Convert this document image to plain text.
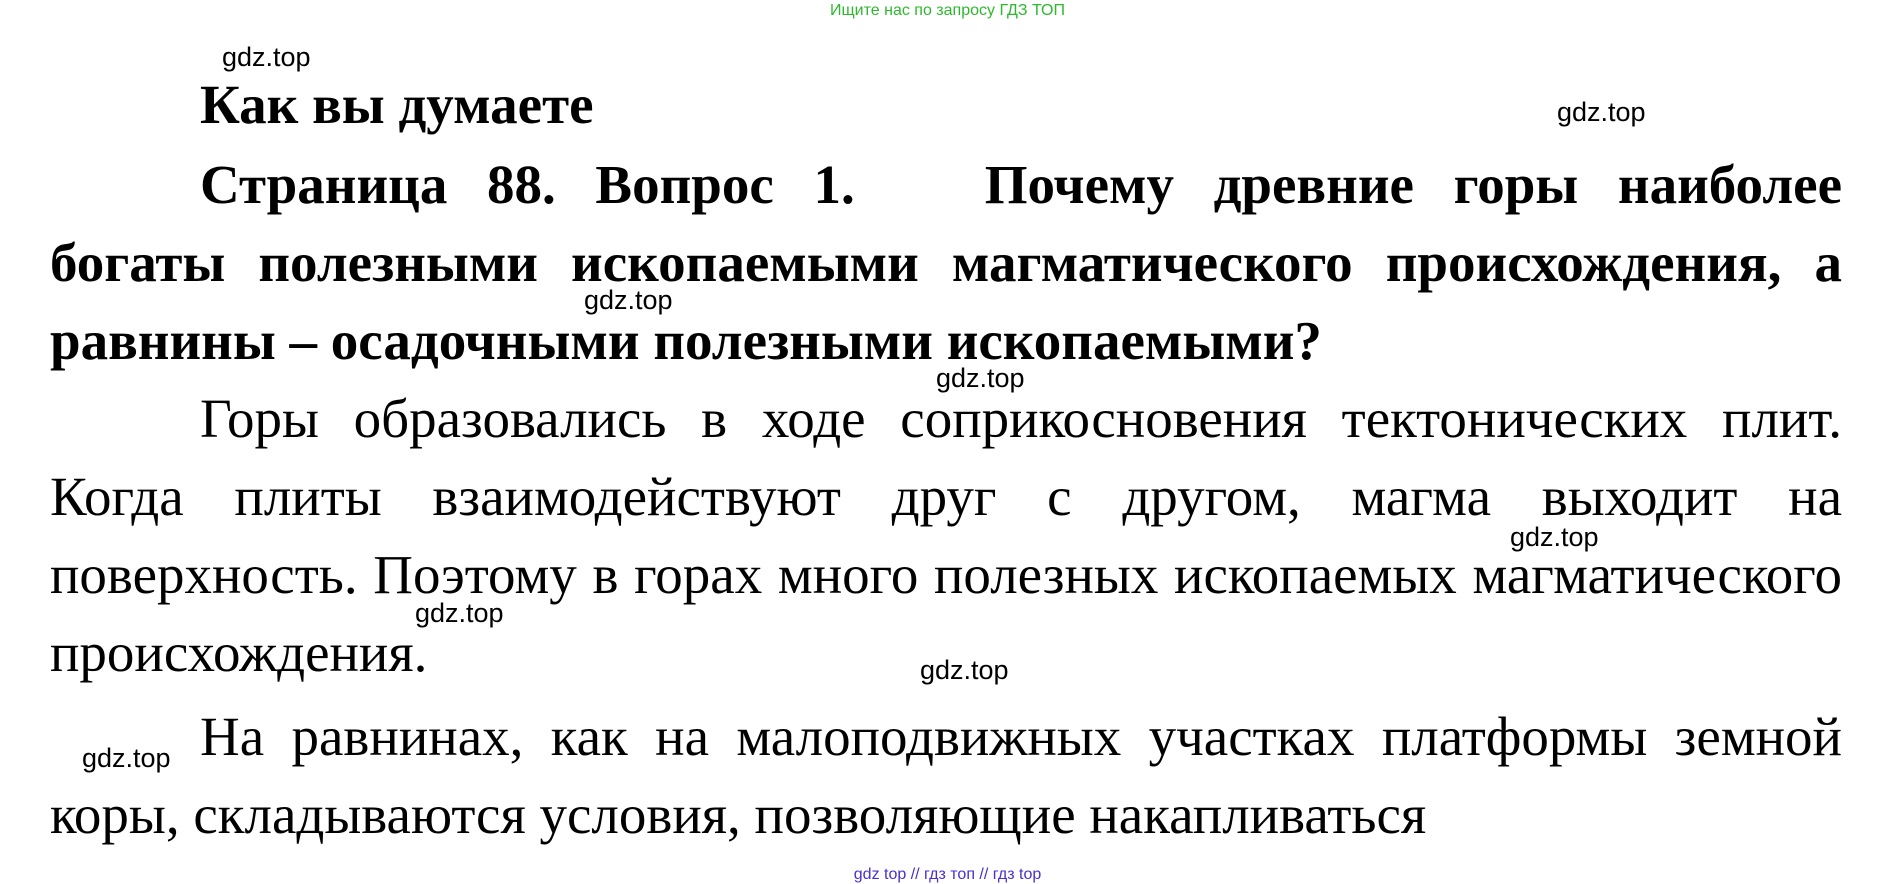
Ищите нас по запросу ГДЗ ТОП
Как вы думаете

Страница 88. Вопрос 1. Почему древние горы наиболее богаты полезными ископаемыми магматического происхождения, а равнины – осадочными полезными ископаемыми?

Горы образовались в ходе соприкосновения тектонических плит. Когда плиты взаимодействуют друг с другом, магма выходит на поверхность. Поэтому в горах много полезных ископаемых магматического происхождения.

На равнинах, как на малоподвижных участках платформы земной коры, складываются условия, позволяющие накапливаться

gdz.top
gdz.top
gdz.top
gdz.top
gdz.top
gdz.top
gdz.top
gdz.top
gdz top // гдз топ // гдз top
